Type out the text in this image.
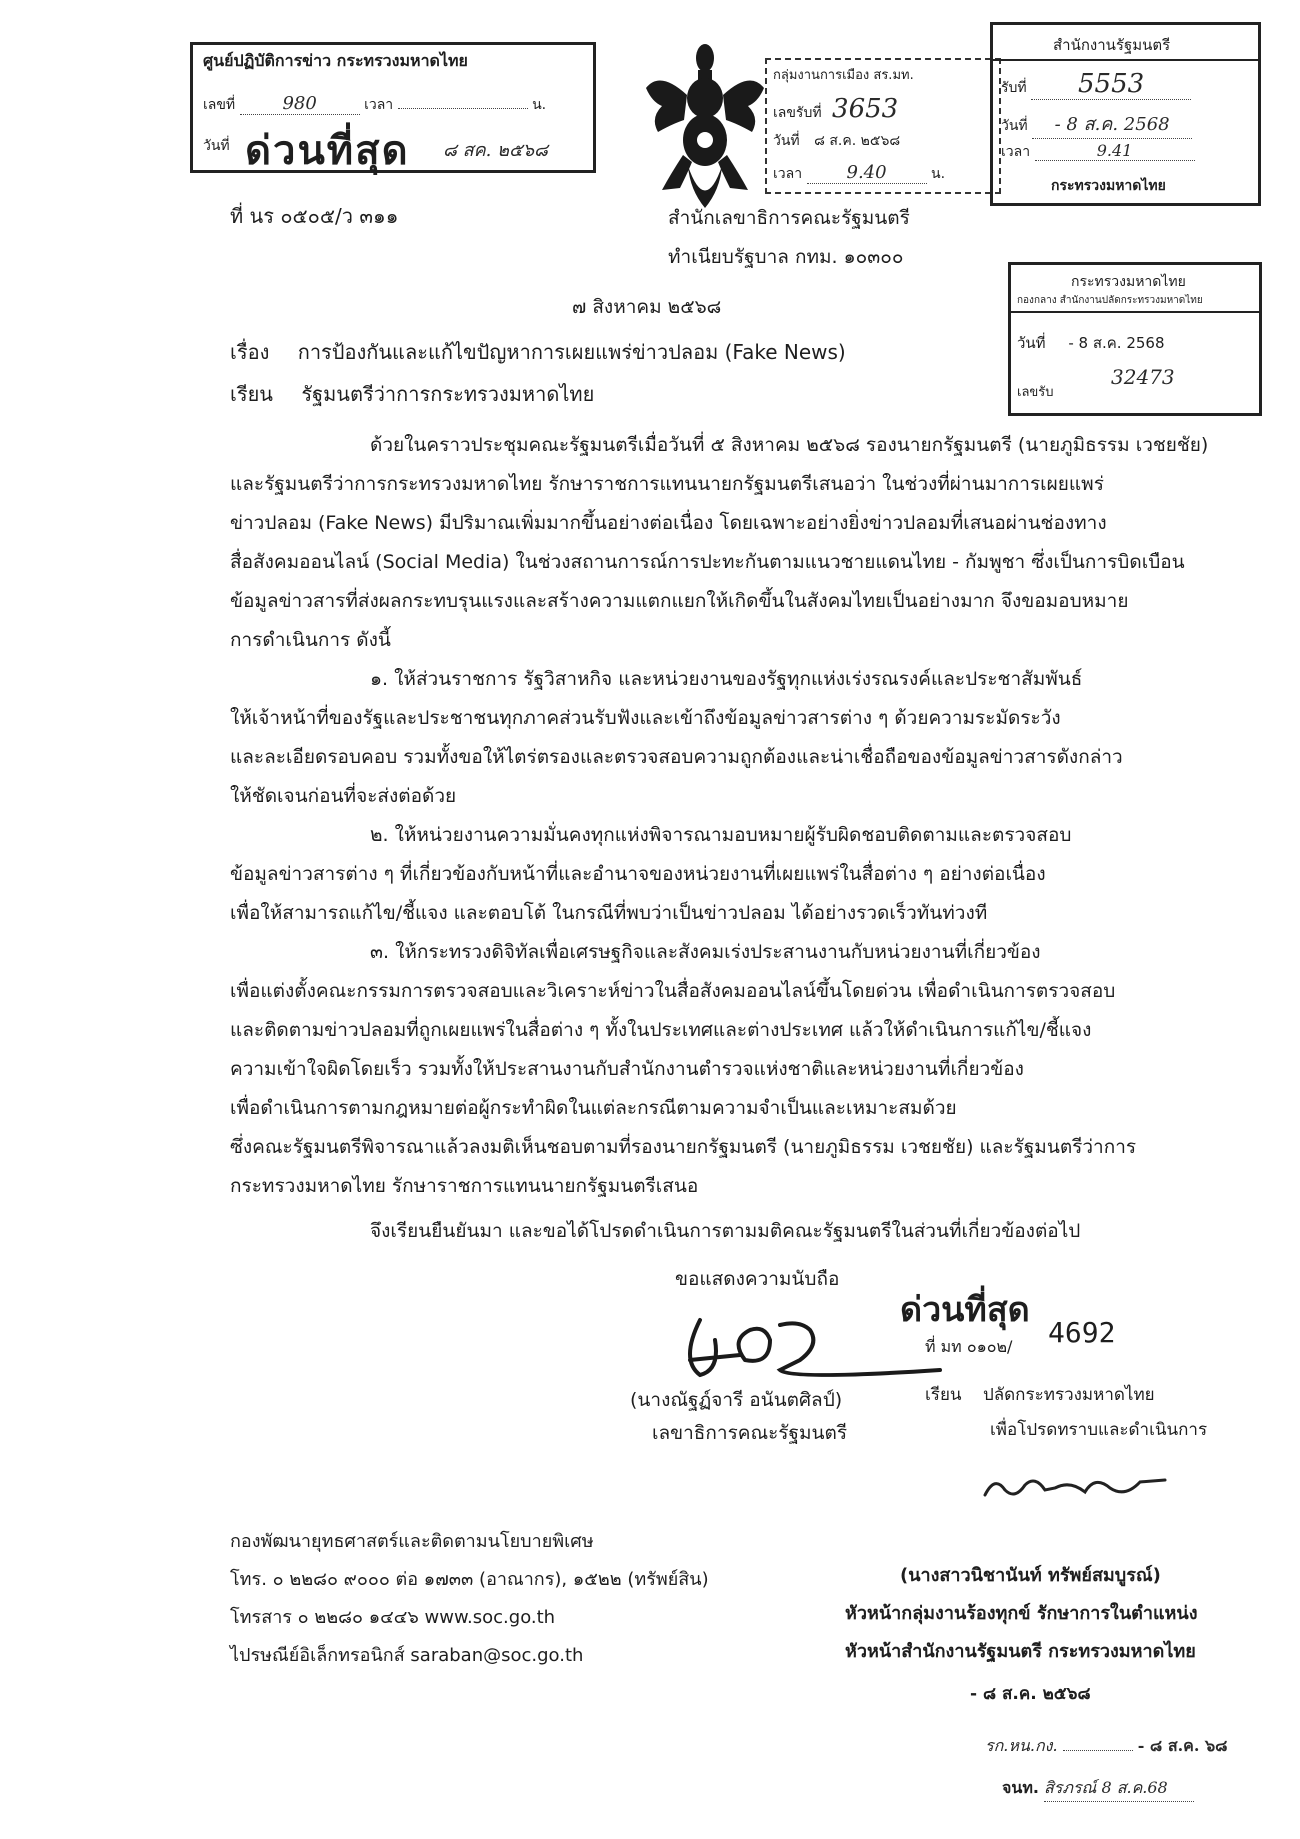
ศูนย์ปฏิบัติการข่าว กระทรวงมหาดไทย
เลขที่	980	เวลา	น.
วันที่	๘ สค. ๒๕๖๘
ด่วนที่สุด
กลุ่มงานการเมือง สร.มท.
เลขรับที่ 3653
วันที่ ๘ ส.ค. ๒๕๖๘
เวลา 9.40	น.
สำนักงานรัฐมนตรี
รับที่ 5553
วันที่ - 8 ส.ค. 2568
เวลา	9.41
กระทรวงมหาดไทย
ที่ นร ๐๕๐๕/ว ๓๑๑	สำนักเลขาธิการคณะรัฐมนตรี
ทำเนียบรัฐบาล กทม. ๑๐๓๐๐
กระทรวงมหาดไทย
กองกลาง สำนักงานปลัดกระทรวงมหาดไทย
วันที่ - 8 ส.ค. 2568
เลขรับ
32473
๗ สิงหาคม ๒๕๖๘
เรื่อง การป้องกันและแก้ไขปัญหาการเผยแพร่ข่าวปลอม (Fake News)
เรียน รัฐมนตรีว่าการกระทรวงมหาดไทย
ด้วยในคราวประชุมคณะรัฐมนตรีเมื่อวันที่ ๕ สิงหาคม ๒๕๖๘ รองนายกรัฐมนตรี (นายภูมิธรรม เวชยชัย)
และรัฐมนตรีว่าการกระทรวงมหาดไทย รักษาราชการแทนนายกรัฐมนตรีเสนอว่า ในช่วงที่ผ่านมาการเผยแพร่
ข่าวปลอม (Fake News) มีปริมาณเพิ่มมากขึ้นอย่างต่อเนื่อง โดยเฉพาะอย่างยิ่งข่าวปลอมที่เสนอผ่านช่องทาง
สื่อสังคมออนไลน์ (Social Media) ในช่วงสถานการณ์การปะทะกันตามแนวชายแดนไทย - กัมพูชา ซึ่งเป็นการบิดเบือน
ข้อมูลข่าวสารที่ส่งผลกระทบรุนแรงและสร้างความแตกแยกให้เกิดขึ้นในสังคมไทยเป็นอย่างมาก จึงขอมอบหมาย
การดำเนินการ ดังนี้
๑. ให้ส่วนราชการ รัฐวิสาหกิจ และหน่วยงานของรัฐทุกแห่งเร่งรณรงค์และประชาสัมพันธ์
ให้เจ้าหน้าที่ของรัฐและประชาชนทุกภาคส่วนรับฟังและเข้าถึงข้อมูลข่าวสารต่าง ๆ ด้วยความระมัดระวัง
และละเอียดรอบคอบ รวมทั้งขอให้ไตร่ตรองและตรวจสอบความถูกต้องและน่าเชื่อถือของข้อมูลข่าวสารดังกล่าว
ให้ชัดเจนก่อนที่จะส่งต่อด้วย
๒. ให้หน่วยงานความมั่นคงทุกแห่งพิจารณามอบหมายผู้รับผิดชอบติดตามและตรวจสอบ
ข้อมูลข่าวสารต่าง ๆ ที่เกี่ยวข้องกับหน้าที่และอำนาจของหน่วยงานที่เผยแพร่ในสื่อต่าง ๆ อย่างต่อเนื่อง
เพื่อให้สามารถแก้ไข/ชี้แจง และตอบโต้ ในกรณีที่พบว่าเป็นข่าวปลอม ได้อย่างรวดเร็วทันท่วงที
๓. ให้กระทรวงดิจิทัลเพื่อเศรษฐกิจและสังคมเร่งประสานงานกับหน่วยงานที่เกี่ยวข้อง
เพื่อแต่งตั้งคณะกรรมการตรวจสอบและวิเคราะห์ข่าวในสื่อสังคมออนไลน์ขึ้นโดยด่วน เพื่อดำเนินการตรวจสอบ
และติดตามข่าวปลอมที่ถูกเผยแพร่ในสื่อต่าง ๆ ทั้งในประเทศและต่างประเทศ แล้วให้ดำเนินการแก้ไข/ชี้แจง
ความเข้าใจผิดโดยเร็ว รวมทั้งให้ประสานงานกับสำนักงานตำรวจแห่งชาติและหน่วยงานที่เกี่ยวข้อง
เพื่อดำเนินการตามกฎหมายต่อผู้กระทำผิดในแต่ละกรณีตามความจำเป็นและเหมาะสมด้วย
ซึ่งคณะรัฐมนตรีพิจารณาแล้วลงมติเห็นชอบตามที่รองนายกรัฐมนตรี (นายภูมิธรรม เวชยชัย) และรัฐมนตรีว่าการ
กระทรวงมหาดไทย รักษาราชการแทนนายกรัฐมนตรีเสนอ
จึงเรียนยืนยันมา และขอได้โปรดดำเนินการตามมติคณะรัฐมนตรีในส่วนที่เกี่ยวข้องต่อไป
ขอแสดงความนับถือ
(นางณัฐฏ์จารี อนันตศิลป์)
เลขาธิการคณะรัฐมนตรี
ด่วนที่สุด
ที่ มท ๐๑๐๒/ 4692
เรียน ปลัดกระทรวงมหาดไทย
เพื่อโปรดทราบและดำเนินการ
กองพัฒนายุทธศาสตร์และติดตามนโยบายพิเศษ
โทร. ๐ ๒๒๘๐ ๙๐๐๐ ต่อ ๑๗๓๓ (อาณากร), ๑๕๒๒ (ทรัพย์สิน)
โทรสาร ๐ ๒๒๘๐ ๑๔๔๖ www.soc.go.th
ไปรษณีย์อิเล็กทรอนิกส์ saraban@soc.go.th
(นางสาวนิชานันท์ ทรัพย์สมบูรณ์)
หัวหน้ากลุ่มงานร้องทุกข์ รักษาการในตำแหน่ง
หัวหน้าสำนักงานรัฐมนตรี กระทรวงมหาดไทย
- ๘ ส.ค. ๒๕๖๘
รก.หน.กง.	- ๘ ส.ค. ๖๘
จนท. สิรภรณ์ 8 ส.ค.68
